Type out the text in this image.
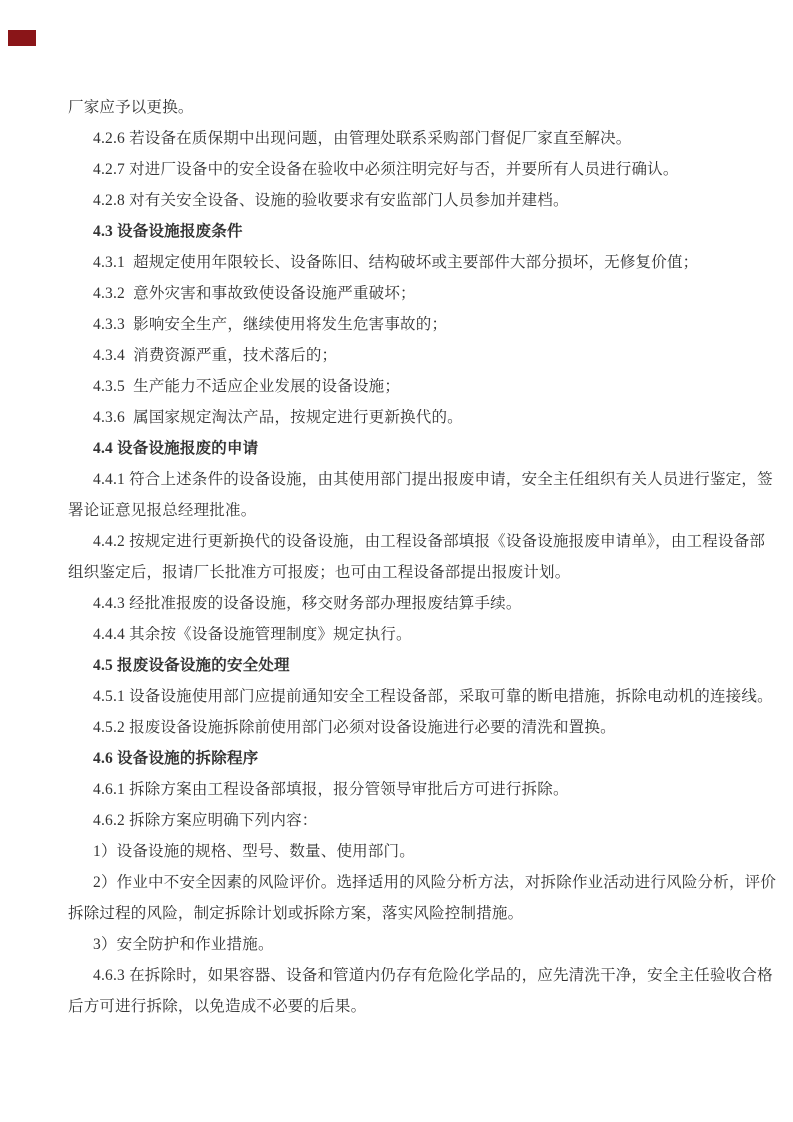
厂家应予以更换。

4.2.6 若设备在质保期中出现问题，由管理处联系采购部门督促厂家直至解决。

4.2.7 对进厂设备中的安全设备在验收中必须注明完好与否，并要所有人员进行确认。

4.2.8 对有关安全设备、设施的验收要求有安监部门人员参加并建档。

4.3 设备设施报废条件

4.3.1  超规定使用年限较长、设备陈旧、结构破坏或主要部件大部分损坏，无修复价值；

4.3.2  意外灾害和事故致使设备设施严重破坏；

4.3.3  影响安全生产，继续使用将发生危害事故的；

4.3.4  消费资源严重，技术落后的；

4.3.5  生产能力不适应企业发展的设备设施；

4.3.6  属国家规定淘汰产品，按规定进行更新换代的。

4.4 设备设施报废的申请

4.4.1 符合上述条件的设备设施，由其使用部门提出报废申请，安全主任组织有关人员进行鉴定，签

署论证意见报总经理批准。

4.4.2 按规定进行更新换代的设备设施，由工程设备部填报《设备设施报废申请单》，由工程设备部

组织鉴定后，报请厂长批准方可报废；也可由工程设备部提出报废计划。

4.4.3 经批准报废的设备设施，移交财务部办理报废结算手续。

4.4.4 其余按《设备设施管理制度》规定执行。

4.5 报废设备设施的安全处理

4.5.1 设备设施使用部门应提前通知安全工程设备部，采取可靠的断电措施，拆除电动机的连接线。

4.5.2 报废设备设施拆除前使用部门必须对设备设施进行必要的清洗和置换。

4.6 设备设施的拆除程序

4.6.1 拆除方案由工程设备部填报，报分管领导审批后方可进行拆除。

4.6.2 拆除方案应明确下列内容：

1）设备设施的规格、型号、数量、使用部门。

2）作业中不安全因素的风险评价。选择适用的风险分析方法，对拆除作业活动进行风险分析，评价

拆除过程的风险，制定拆除计划或拆除方案，落实风险控制措施。

3）安全防护和作业措施。

4.6.3 在拆除时，如果容器、设备和管道内仍存有危险化学品的，应先清洗干净，安全主任验收合格

后方可进行拆除，以免造成不必要的后果。
